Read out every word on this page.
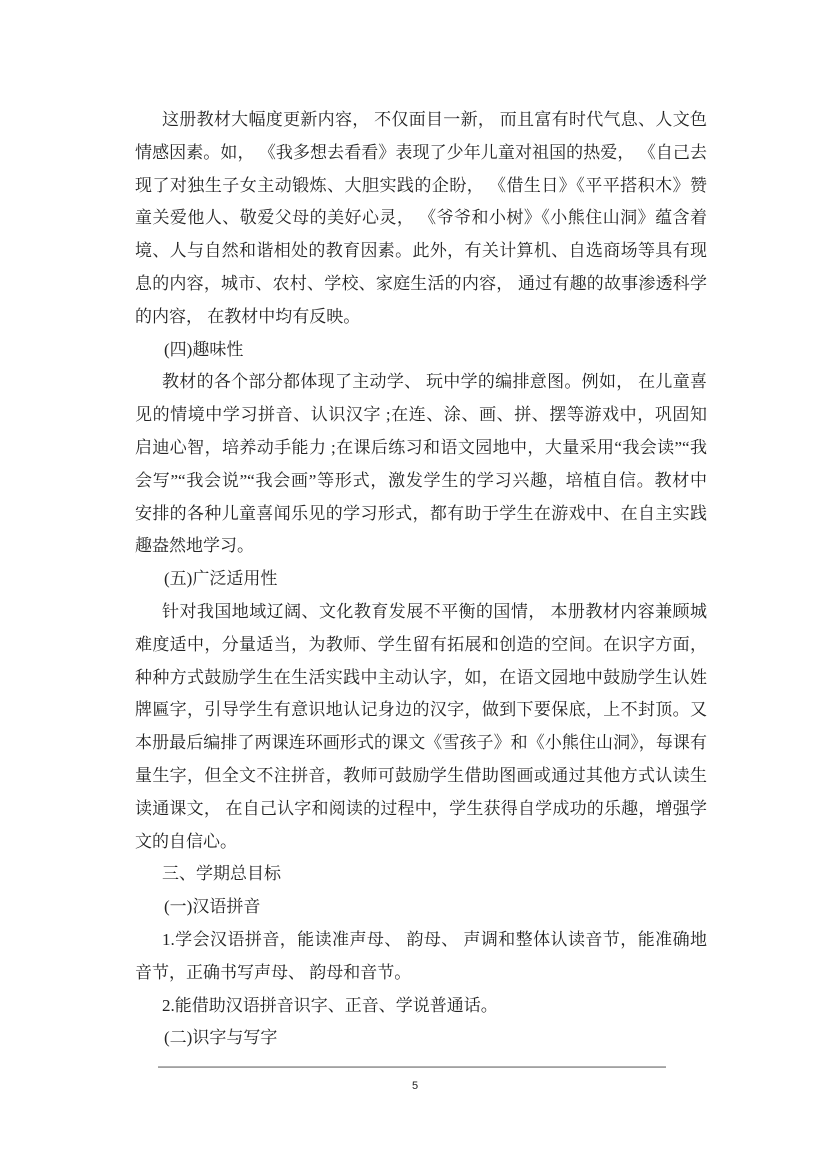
这册教材大幅度更新内容， 不仅面目一新， 而且富有时代气息、人文色
情感因素。如， 《我多想去看看》表现了少年儿童对祖国的热爱， 《自己去
现了对独生子女主动锻炼、大胆实践的企盼， 《借生日》《平平搭积木》赞
童关爱他人、敬爱父母的美好心灵， 《爷爷和小树》《小熊住山洞》蕴含着
境、人与自然和谐相处的教育因素。此外，有关计算机、自选商场等具有现
息的内容，城市、农村、学校、家庭生活的内容， 通过有趣的故事渗透科学
的内容， 在教材中均有反映。
(四)趣味性
教材的各个部分都体现了主动学、 玩中学的编排意图。例如， 在儿童喜
见的情境中学习拼音、认识汉字 ;在连、涂、画、拼、摆等游戏中，巩固知
启迪心智，培养动手能力 ;在课后练习和语文园地中，大量采用“我会读”“我
会写”“我会说”“我会画”等形式，激发学生的学习兴趣，培植自信。教材中
安排的各种儿童喜闻乐见的学习形式，都有助于学生在游戏中、在自主实践
趣盎然地学习。
(五)广泛适用性
针对我国地域辽阔、文化教育发展不平衡的国情， 本册教材内容兼顾城
难度适中，分量适当，为教师、学生留有拓展和创造的空间。在识字方面，
种种方式鼓励学生在生活实践中主动认字，如，在语文园地中鼓励学生认姓
牌匾字，引导学生有意识地认记身边的汉字，做到下要保底，上不封顶。又
本册最后编排了两课连环画形式的课文《雪孩子》和《小熊住山洞》，每课有
量生字，但全文不注拼音，教师可鼓励学生借助图画或通过其他方式认读生
读通课文， 在自己认字和阅读的过程中，学生获得自学成功的乐趣，增强学
文的自信心。
三、学期总目标
(一)汉语拼音
1.学会汉语拼音，能读准声母、 韵母、 声调和整体认读音节，能准确地
音节，正确书写声母、 韵母和音节。
2.能借助汉语拼音识字、正音、学说普通话。
(二)识字与写字
5
